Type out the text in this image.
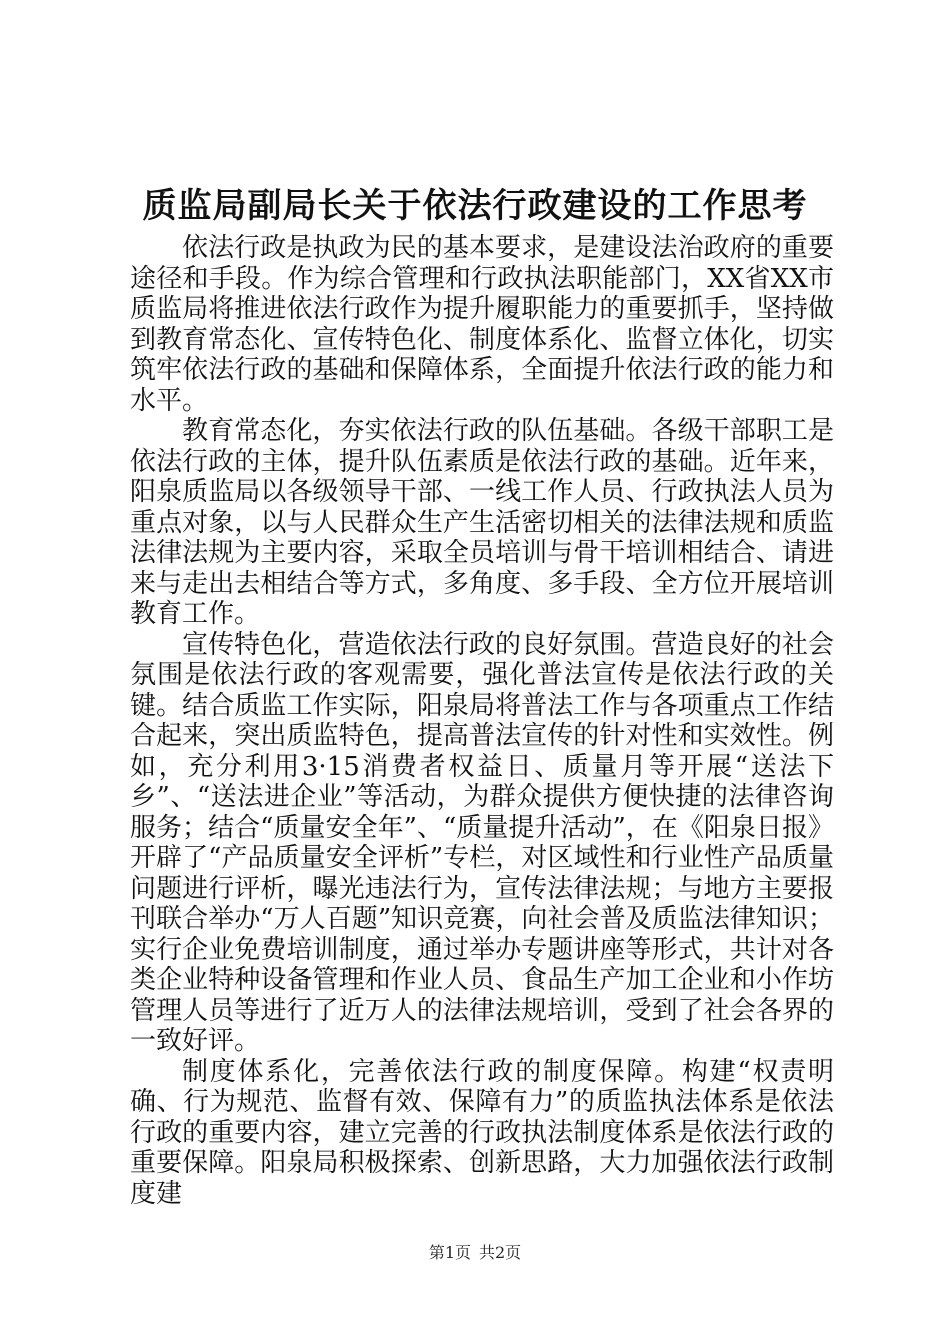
质监局副局长关于依法行政建设的工作思考

依法行政是执政为民的基本要求，是建设法治政府的重要途径和手段。作为综合管理和行政执法职能部门，XX省XX市质监局将推进依法行政作为提升履职能力的重要抓手，坚持做到教育常态化、宣传特色化、制度体系化、监督立体化，切实筑牢依法行政的基础和保障体系，全面提升依法行政的能力和水平。

教育常态化，夯实依法行政的队伍基础。各级干部职工是依法行政的主体，提升队伍素质是依法行政的基础。近年来，阳泉质监局以各级领导干部、一线工作人员、行政执法人员为重点对象，以与人民群众生产生活密切相关的法律法规和质监法律法规为主要内容，采取全员培训与骨干培训相结合、请进来与走出去相结合等方式，多角度、多手段、全方位开展培训教育工作。

宣传特色化，营造依法行政的良好氛围。营造良好的社会氛围是依法行政的客观需要，强化普法宣传是依法行政的关键。结合质监工作实际，阳泉局将普法工作与各项重点工作结合起来，突出质监特色，提高普法宣传的针对性和实效性。例如，充分利用3·15消费者权益日、质量月等开展“送法下乡”、“送法进企业”等活动，为群众提供方便快捷的法律咨询服务；结合“质量安全年”、“质量提升活动”，在《阳泉日报》开辟了“产品质量安全评析”专栏，对区域性和行业性产品质量问题进行评析，曝光违法行为，宣传法律法规；与地方主要报刊联合举办“万人百题”知识竞赛，向社会普及质监法律知识；实行企业免费培训制度，通过举办专题讲座等形式，共计对各类企业特种设备管理和作业人员、食品生产加工企业和小作坊管理人员等进行了近万人的法律法规培训，受到了社会各界的一致好评。

制度体系化，完善依法行政的制度保障。构建“权责明确、行为规范、监督有效、保障有力”的质监执法体系是依法行政的重要内容，建立完善的行政执法制度体系是依法行政的重要保障。阳泉局积极探索、创新思路，大力加强依法行政制度建

第1页 共2页
